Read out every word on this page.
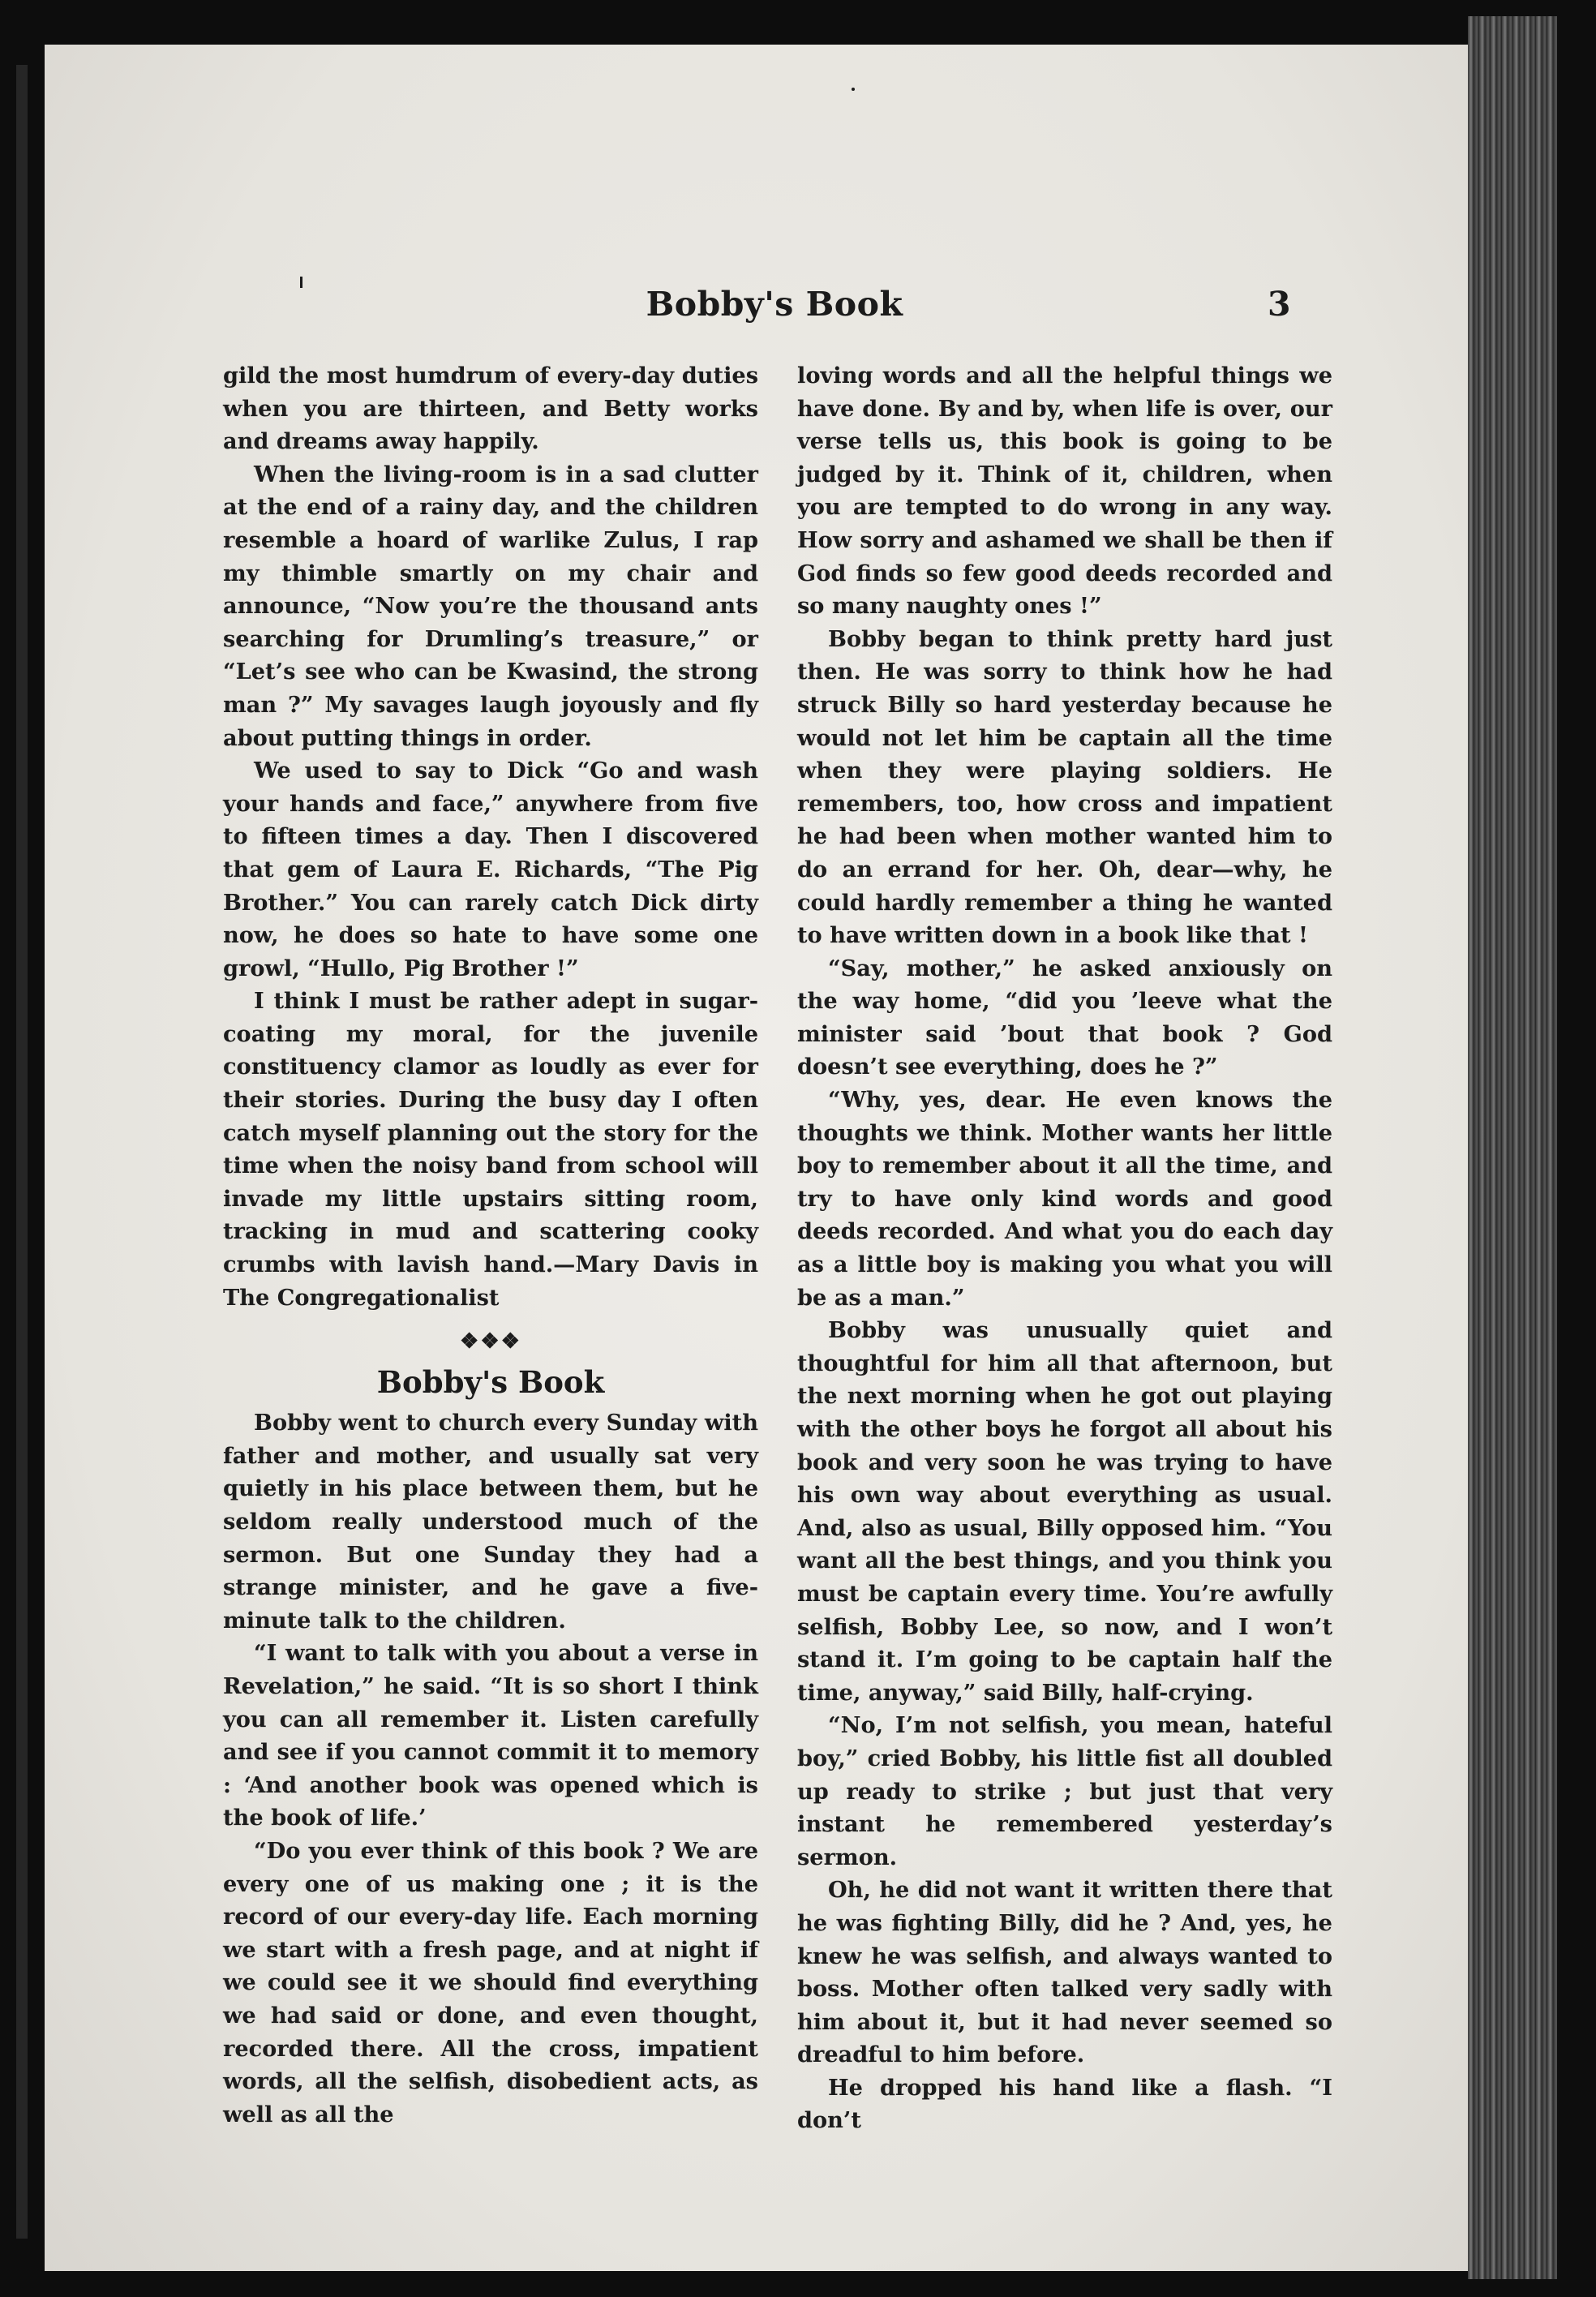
Bobby's Book	3

gild the most humdrum of every-day duties when you are thirteen, and Betty works and dreams away happily.

When the living-room is in a sad clutter at the end of a rainy day, and the children resemble a hoard of warlike Zulus, I rap my thimble smartly on my chair and announce, “Now you’re the thousand ants searching for Drumling’s treasure,” or “Let’s see who can be Kwasind, the strong man ?” My savages laugh joyously and fly about putting things in order.

We used to say to Dick “Go and wash your hands and face,” anywhere from five to fifteen times a day. Then I discovered that gem of Laura E. Richards, “The Pig Brother.” You can rarely catch Dick dirty now, he does so hate to have some one growl, “Hullo, Pig Brother !”

I think I must be rather adept in sugar-coating my moral, for the juvenile constituency clamor as loudly as ever for their stories. During the busy day I often catch myself planning out the story for the time when the noisy band from school will invade my little upstairs sitting room, tracking in mud and scattering cooky crumbs with lavish hand.—Mary Davis in The Congregationalist

❖❖❖
Bobby's Book

Bobby went to church every Sunday with father and mother, and usually sat very quietly in his place between them, but he seldom really understood much of the sermon. But one Sunday they had a strange minister, and he gave a five-minute talk to the children.

“I want to talk with you about a verse in Revelation,” he said. “It is so short I think you can all remember it. Listen carefully and see if you cannot commit it to memory : ‘And another book was opened which is the book of life.’

“Do you ever think of this book ? We are every one of us making one ; it is the record of our every-day life. Each morning we start with a fresh page, and at night if we could see it we should find everything we had said or done, and even thought, recorded there. All the cross, impatient words, all the selfish, disobedient acts, as well as all the

loving words and all the helpful things we have done. By and by, when life is over, our verse tells us, this book is going to be judged by it. Think of it, children, when you are tempted to do wrong in any way. How sorry and ashamed we shall be then if God finds so few good deeds recorded and so many naughty ones !”

Bobby began to think pretty hard just then. He was sorry to think how he had struck Billy so hard yesterday because he would not let him be captain all the time when they were playing soldiers. He remembers, too, how cross and impatient he had been when mother wanted him to do an errand for her. Oh, dear—why, he could hardly remember a thing he wanted to have written down in a book like that !

“Say, mother,” he asked anxiously on the way home, “did you ’leeve what the minister said ’bout that book ? God doesn’t see everything, does he ?”

“Why, yes, dear. He even knows the thoughts we think. Mother wants her little boy to remember about it all the time, and try to have only kind words and good deeds recorded. And what you do each day as a little boy is making you what you will be as a man.”

Bobby was unusually quiet and thoughtful for him all that afternoon, but the next morning when he got out playing with the other boys he forgot all about his book and very soon he was trying to have his own way about everything as usual. And, also as usual, Billy opposed him. “You want all the best things, and you think you must be captain every time. You’re awfully selfish, Bobby Lee, so now, and I won’t stand it. I’m going to be captain half the time, anyway,” said Billy, half-crying.

“No, I’m not selfish, you mean, hateful boy,” cried Bobby, his little fist all doubled up ready to strike ; but just that very instant he remembered yesterday’s sermon.

Oh, he did not want it written there that he was fighting Billy, did he ? And, yes, he knew he was selfish, and always wanted to boss. Mother often talked very sadly with him about it, but it had never seemed so dreadful to him before.

He dropped his hand like a flash. “I don’t
